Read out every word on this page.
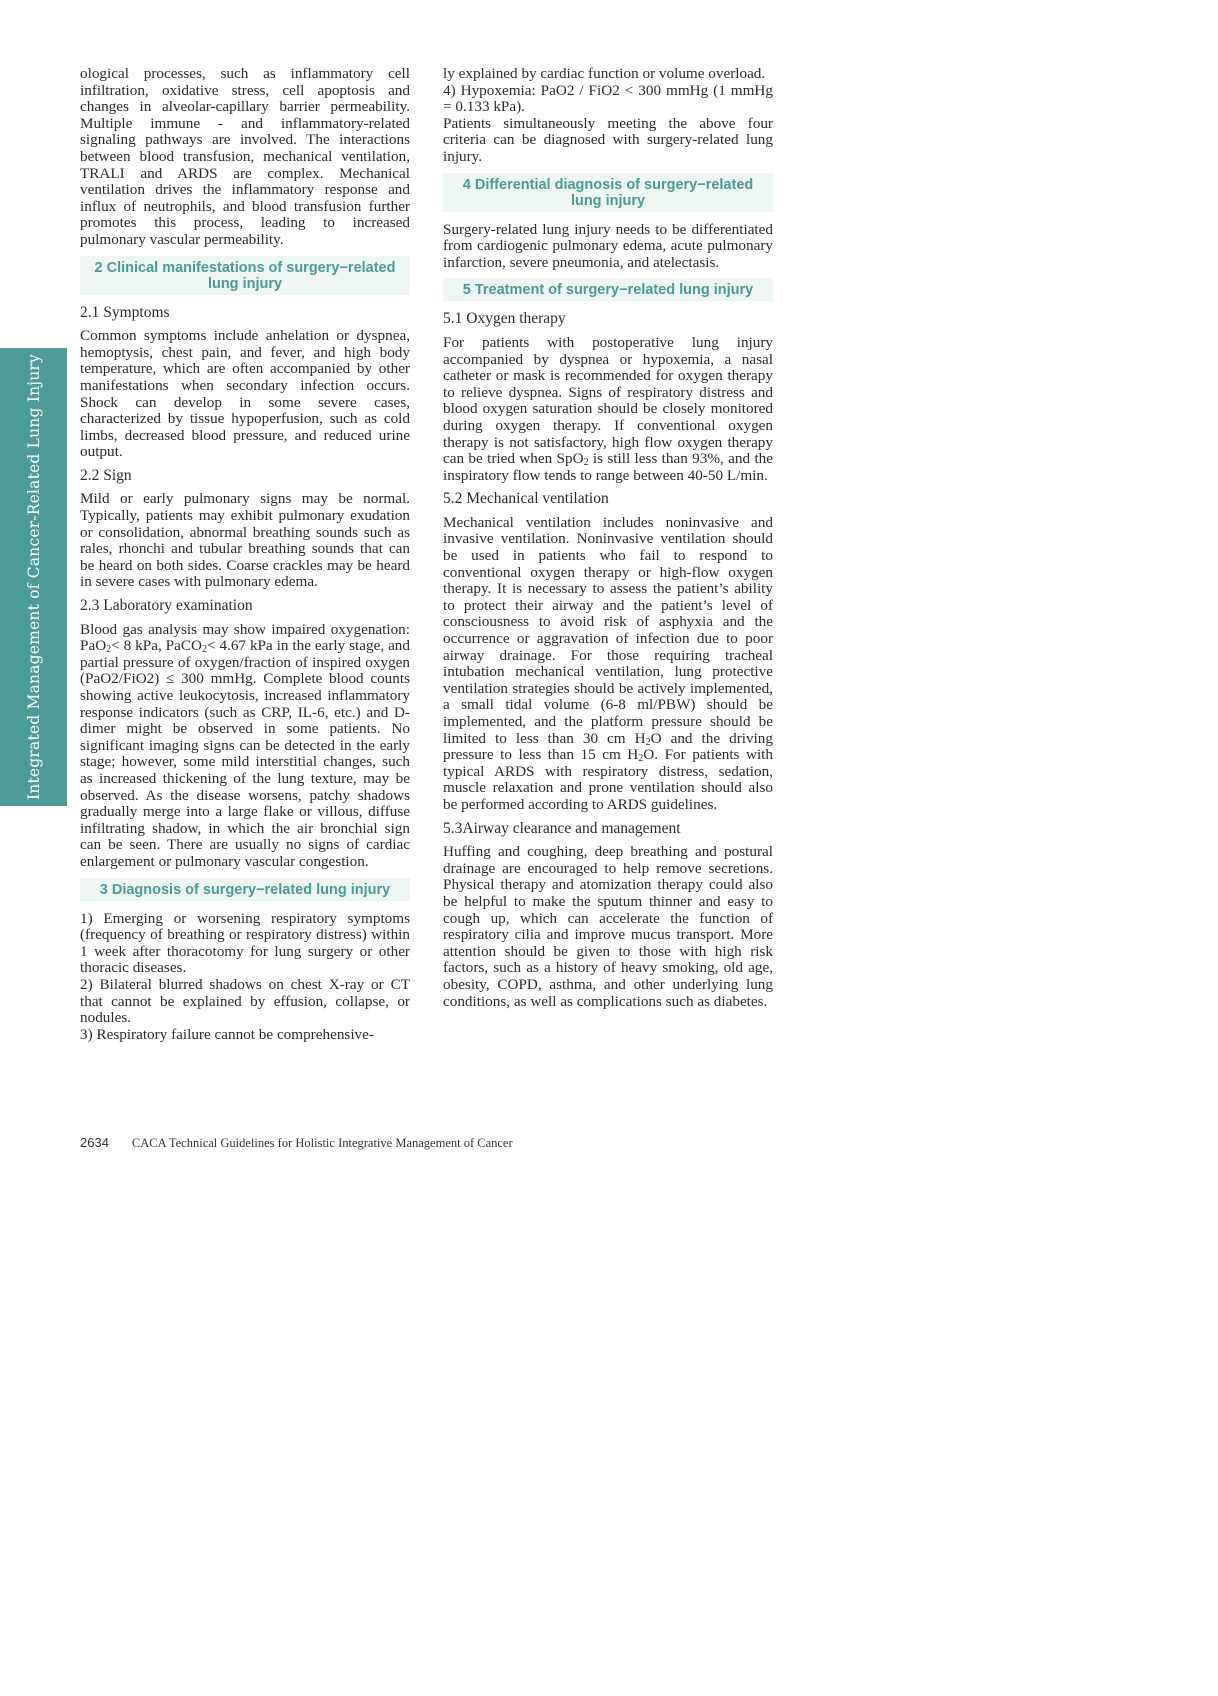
Integrated Management of Cancer-Related Lung Injury

ological processes, such as inflammatory cell infiltration, oxidative stress, cell apoptosis and changes in alveolar-capillary barrier permeability. Multiple immune - and inflammatory-related signaling pathways are involved. The interactions between blood transfusion, mechanical ventilation, TRALI and ARDS are complex. Mechanical ventilation drives the inflammatory response and influx of neutrophils, and blood transfusion further promotes this process, leading to increased pulmonary vascular permeability.

2 Clinical manifestations of surgery−related lung injury
2.1 Symptoms

Common symptoms include anhelation or dyspnea, hemoptysis, chest pain, and fever, and high body temperature, which are often accompanied by other manifestations when secondary infection occurs. Shock can develop in some severe cases, characterized by tissue hypoperfusion, such as cold limbs, decreased blood pressure, and reduced urine output.

2.2 Sign

Mild or early pulmonary signs may be normal. Typically, patients may exhibit pulmonary exudation or consolidation, abnormal breathing sounds such as rales, rhonchi and tubular breathing sounds that can be heard on both sides. Coarse crackles may be heard in severe cases with pulmonary edema.

2.3 Laboratory examination

Blood gas analysis may show impaired oxygenation: PaO$_2$< 8 kPa, PaCO$_2$< 4.67 kPa in the early stage, and partial pressure of oxygen/fraction of inspired oxygen (PaO2/FiO2) ≤ 300 mmHg. Complete blood counts showing active leukocytosis, increased inflammatory response indicators (such as CRP, IL-6, etc.) and D-dimer might be observed in some patients. No significant imaging signs can be detected in the early stage; however, some mild interstitial changes, such as increased thickening of the lung texture, may be observed. As the disease worsens, patchy shadows gradually merge into a large flake or villous, diffuse infiltrating shadow, in which the air bronchial sign can be seen. There are usually no signs of cardiac enlargement or pulmonary vascular congestion.

3 Diagnosis of surgery−related lung injury

1) Emerging or worsening respiratory symptoms (frequency of breathing or respiratory distress) within 1 week after thoracotomy for lung surgery or other thoracic diseases.

2) Bilateral blurred shadows on chest X-ray or CT that cannot be explained by effusion, collapse, or nodules.

3) Respiratory failure cannot be comprehensive-

ly explained by cardiac function or volume overload.

4) Hypoxemia: PaO2 / FiO2 < 300 mmHg (1 mmHg = 0.133 kPa).

Patients simultaneously meeting the above four criteria can be diagnosed with surgery-related lung injury.

4 Differential diagnosis of surgery−related lung injury

Surgery-related lung injury needs to be differentiated from cardiogenic pulmonary edema, acute pulmonary infarction, severe pneumonia, and atelectasis.

5 Treatment of surgery−related lung injury
5.1 Oxygen therapy

For patients with postoperative lung injury accompanied by dyspnea or hypoxemia, a nasal catheter or mask is recommended for oxygen therapy to relieve dyspnea. Signs of respiratory distress and blood oxygen saturation should be closely monitored during oxygen therapy. If conventional oxygen therapy is not satisfactory, high flow oxygen therapy can be tried when SpO$_2$ is still less than 93%, and the inspiratory flow tends to range between 40-50 L/min.

5.2 Mechanical ventilation

Mechanical ventilation includes noninvasive and invasive ventilation. Noninvasive ventilation should be used in patients who fail to respond to conventional oxygen therapy or high-flow oxygen therapy. It is necessary to assess the patient’s ability to protect their airway and the patient’s level of consciousness to avoid risk of asphyxia and the occurrence or aggravation of infection due to poor airway drainage. For those requiring tracheal intubation mechanical ventilation, lung protective ventilation strategies should be actively implemented, a small tidal volume (6-8 ml/PBW) should be implemented, and the platform pressure should be limited to less than 30 cm $H_2O$ and the driving pressure to less than 15 cm $H_2O$. For patients with typical ARDS with respiratory distress, sedation, muscle relaxation and prone ventilation should also be performed according to ARDS guidelines.

5.3Airway clearance and management

Huffing and coughing, deep breathing and postural drainage are encouraged to help remove secretions. Physical therapy and atomization therapy could also be helpful to make the sputum thinner and easy to cough up, which can accelerate the function of respiratory cilia and improve mucus transport. More attention should be given to those with high risk factors, such as a history of heavy smoking, old age, obesity, COPD, asthma, and other underlying lung conditions, as well as complications such as diabetes.

2634 CACA Technical Guidelines for Holistic Integrative Management of Cancer
